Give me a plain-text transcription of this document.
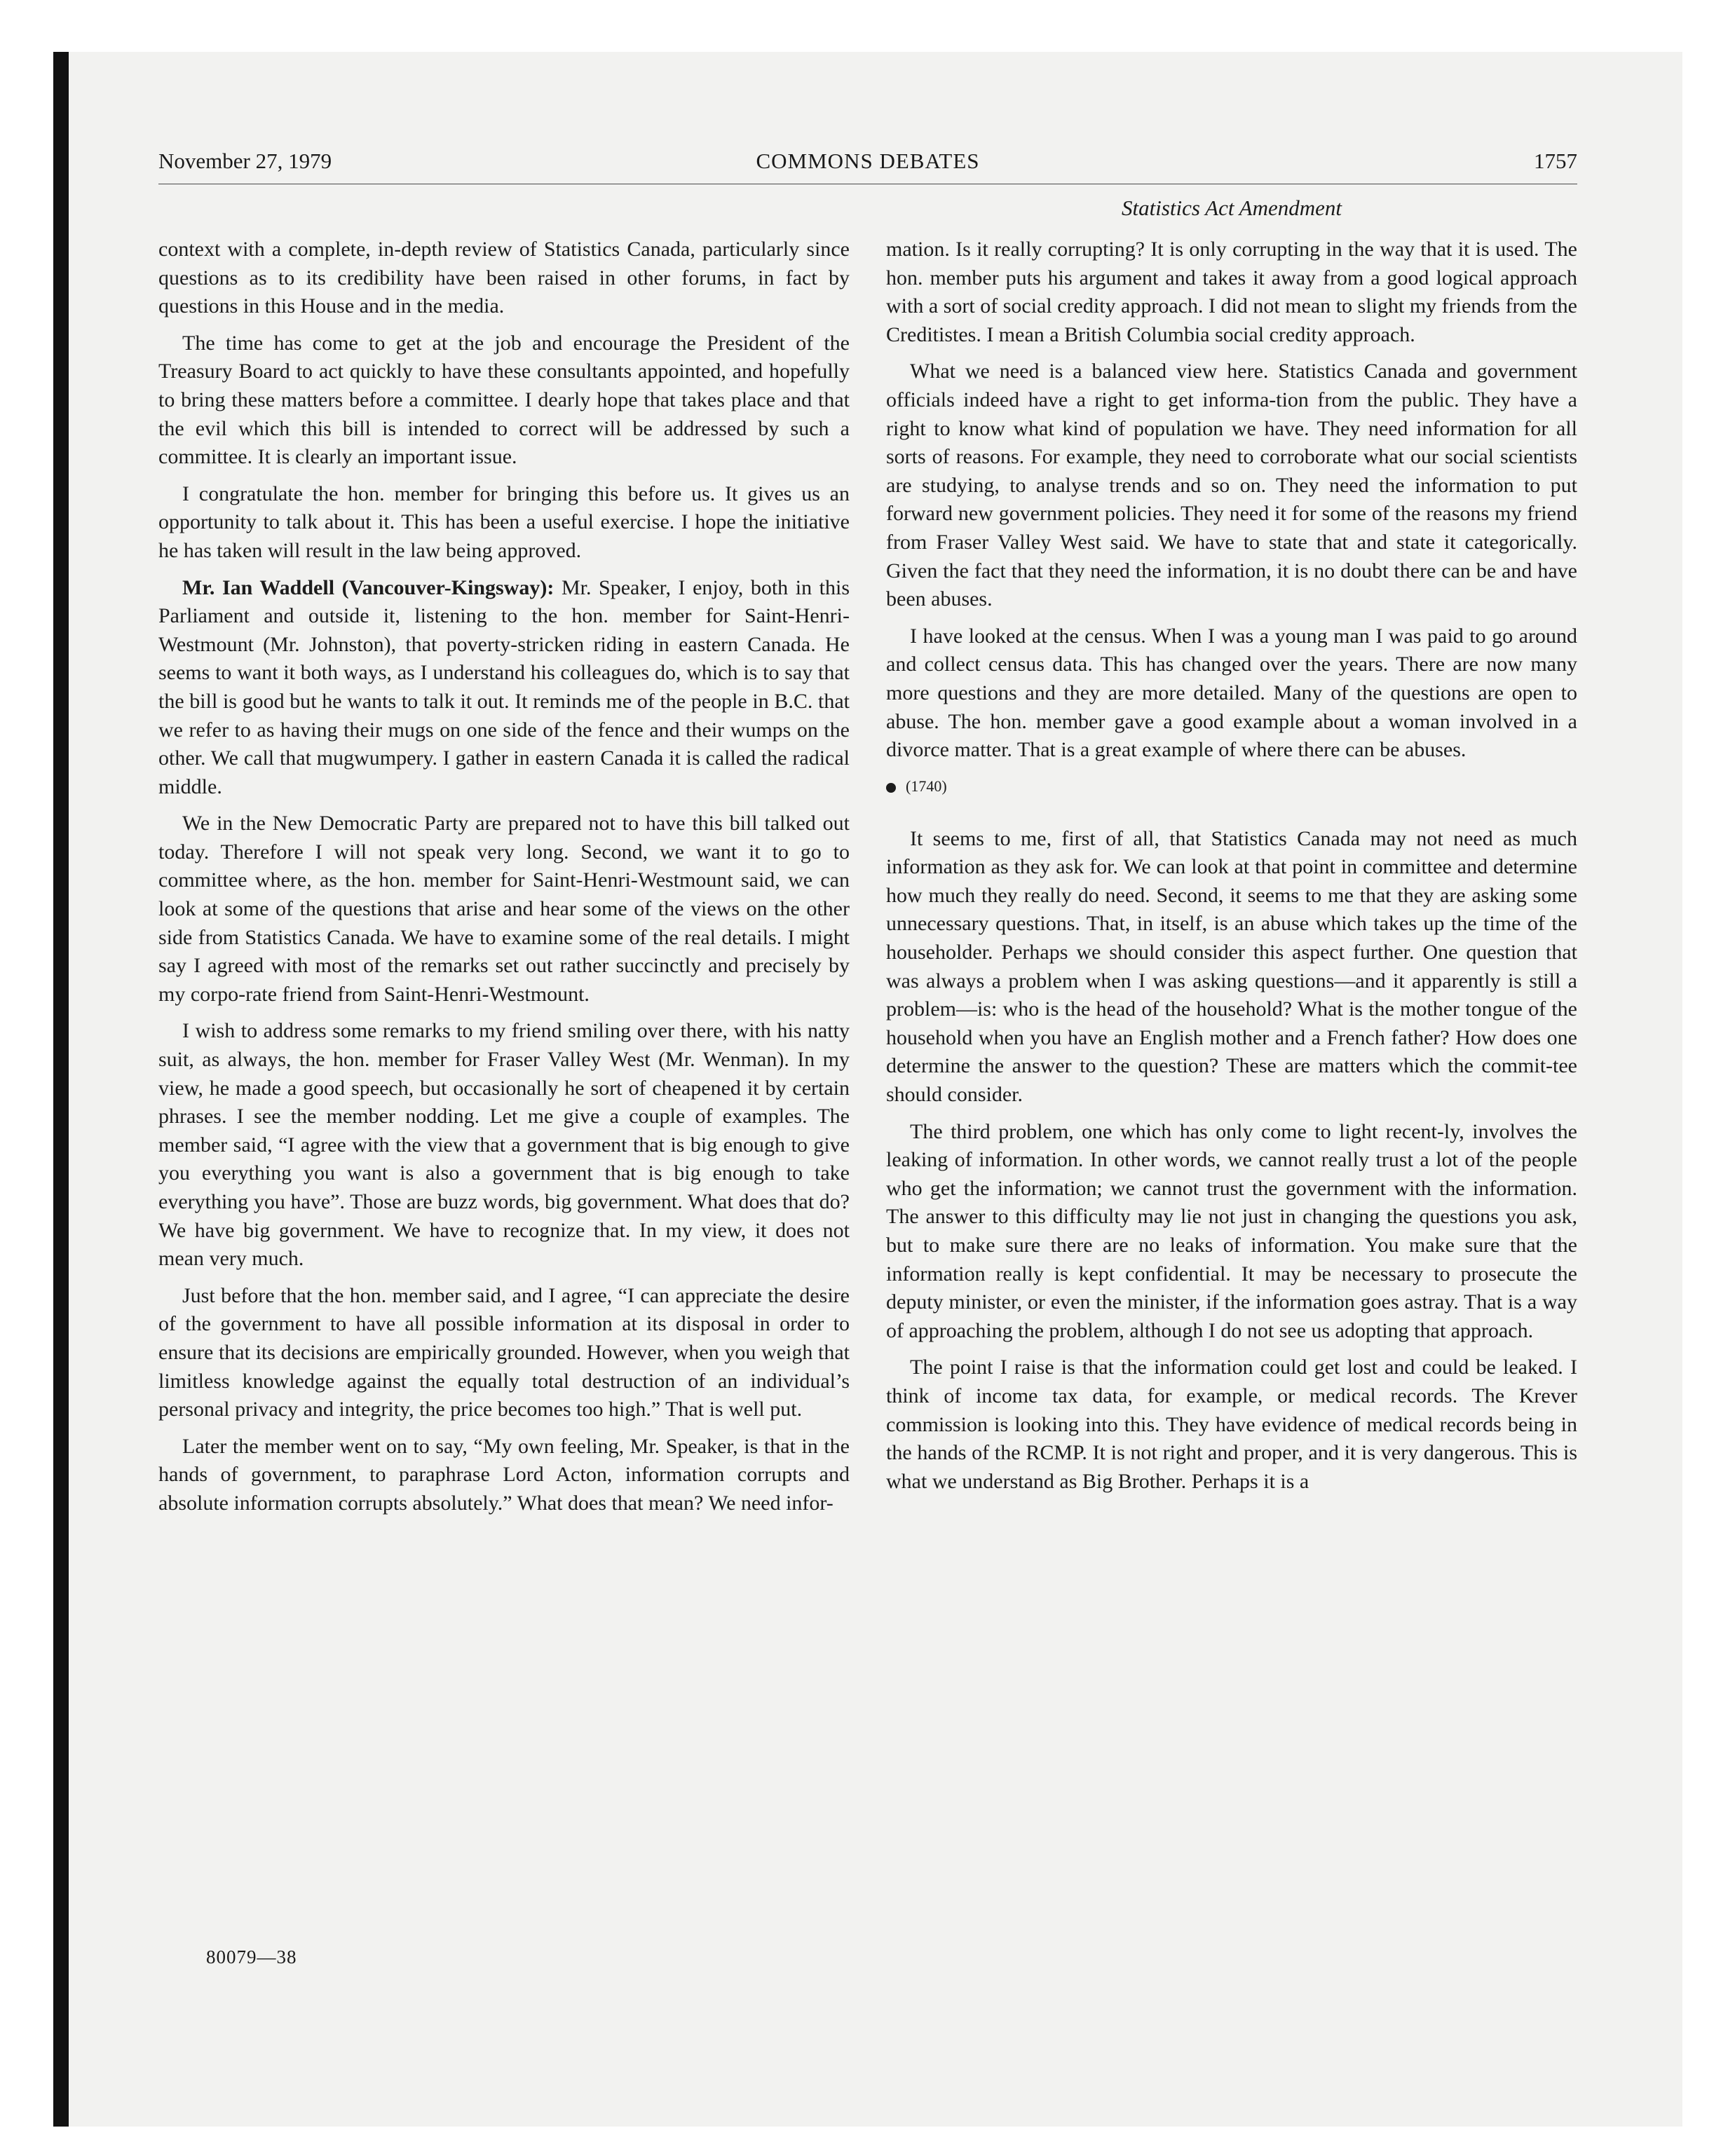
November 27, 1979	COMMONS DEBATES	1757
Statistics Act Amendment

context with a complete, in-depth review of Statistics Canada, particularly since questions as to its credibility have been raised in other forums, in fact by questions in this House and in the media.

The time has come to get at the job and encourage the President of the Treasury Board to act quickly to have these consultants appointed, and hopefully to bring these matters before a committee. I dearly hope that takes place and that the evil which this bill is intended to correct will be addressed by such a committee. It is clearly an important issue.

I congratulate the hon. member for bringing this before us. It gives us an opportunity to talk about it. This has been a useful exercise. I hope the initiative he has taken will result in the law being approved.

Mr. Ian Waddell (Vancouver-Kingsway): Mr. Speaker, I enjoy, both in this Parliament and outside it, listening to the hon. member for Saint-Henri-Westmount (Mr. Johnston), that poverty-stricken riding in eastern Canada. He seems to want it both ways, as I understand his colleagues do, which is to say that the bill is good but he wants to talk it out. It reminds me of the people in B.C. that we refer to as having their mugs on one side of the fence and their wumps on the other. We call that mugwumpery. I gather in eastern Canada it is called the radical middle.

We in the New Democratic Party are prepared not to have this bill talked out today. Therefore I will not speak very long. Second, we want it to go to committee where, as the hon. member for Saint-Henri-Westmount said, we can look at some of the questions that arise and hear some of the views on the other side from Statistics Canada. We have to examine some of the real details. I might say I agreed with most of the remarks set out rather succinctly and precisely by my corpo-rate friend from Saint-Henri-Westmount.

I wish to address some remarks to my friend smiling over there, with his natty suit, as always, the hon. member for Fraser Valley West (Mr. Wenman). In my view, he made a good speech, but occasionally he sort of cheapened it by certain phrases. I see the member nodding. Let me give a couple of examples. The member said, “I agree with the view that a government that is big enough to give you everything you want is also a government that is big enough to take everything you have”. Those are buzz words, big government. What does that do? We have big government. We have to recognize that. In my view, it does not mean very much.

Just before that the hon. member said, and I agree, “I can appreciate the desire of the government to have all possible information at its disposal in order to ensure that its decisions are empirically grounded. However, when you weigh that limitless knowledge against the equally total destruction of an individual’s personal privacy and integrity, the price becomes too high.” That is well put.

Later the member went on to say, “My own feeling, Mr. Speaker, is that in the hands of government, to paraphrase Lord Acton, information corrupts and absolute information corrupts absolutely.” What does that mean? We need infor-

mation. Is it really corrupting? It is only corrupting in the way that it is used. The hon. member puts his argument and takes it away from a good logical approach with a sort of social credity approach. I did not mean to slight my friends from the Creditistes. I mean a British Columbia social credity approach.

What we need is a balanced view here. Statistics Canada and government officials indeed have a right to get informa-tion from the public. They have a right to know what kind of population we have. They need information for all sorts of reasons. For example, they need to corroborate what our social scientists are studying, to analyse trends and so on. They need the information to put forward new government policies. They need it for some of the reasons my friend from Fraser Valley West said. We have to state that and state it categorically. Given the fact that they need the information, it is no doubt there can be and have been abuses.

I have looked at the census. When I was a young man I was paid to go around and collect census data. This has changed over the years. There are now many more questions and they are more detailed. Many of the questions are open to abuse. The hon. member gave a good example about a woman involved in a divorce matter. That is a great example of where there can be abuses.

(1740)

It seems to me, first of all, that Statistics Canada may not need as much information as they ask for. We can look at that point in committee and determine how much they really do need. Second, it seems to me that they are asking some unnecessary questions. That, in itself, is an abuse which takes up the time of the householder. Perhaps we should consider this aspect further. One question that was always a problem when I was asking questions—and it apparently is still a problem—is: who is the head of the household? What is the mother tongue of the household when you have an English mother and a French father? How does one determine the answer to the question? These are matters which the commit-tee should consider.

The third problem, one which has only come to light recent-ly, involves the leaking of information. In other words, we cannot really trust a lot of the people who get the information; we cannot trust the government with the information. The answer to this difficulty may lie not just in changing the questions you ask, but to make sure there are no leaks of information. You make sure that the information really is kept confidential. It may be necessary to prosecute the deputy minister, or even the minister, if the information goes astray. That is a way of approaching the problem, although I do not see us adopting that approach.

The point I raise is that the information could get lost and could be leaked. I think of income tax data, for example, or medical records. The Krever commission is looking into this. They have evidence of medical records being in the hands of the RCMP. It is not right and proper, and it is very dangerous. This is what we understand as Big Brother. Perhaps it is a

80079—38
